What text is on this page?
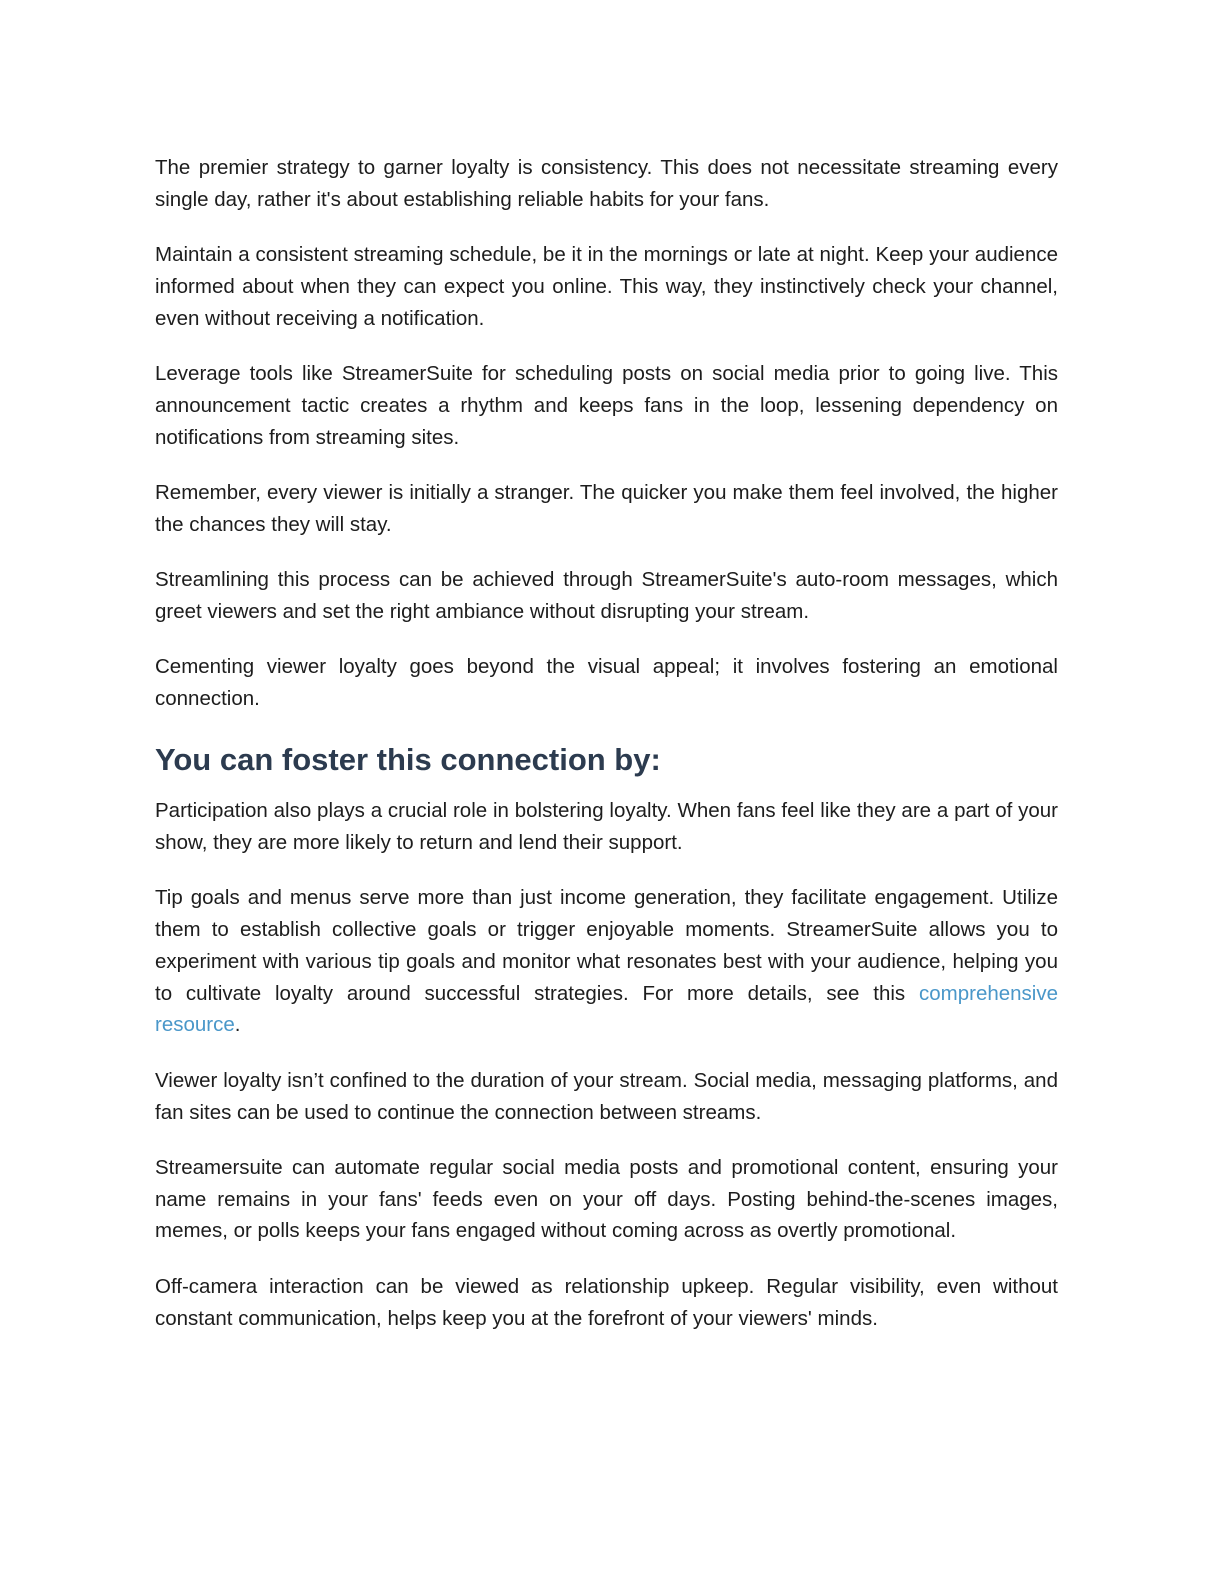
The premier strategy to garner loyalty is consistency. This does not necessitate streaming every single day, rather it's about establishing reliable habits for your fans.

Maintain a consistent streaming schedule, be it in the mornings or late at night. Keep your audience informed about when they can expect you online. This way, they instinctively check your channel, even without receiving a notification.

Leverage tools like StreamerSuite for scheduling posts on social media prior to going live. This announcement tactic creates a rhythm and keeps fans in the loop, lessening dependency on notifications from streaming sites.

Remember, every viewer is initially a stranger. The quicker you make them feel involved, the higher the chances they will stay.

Streamlining this process can be achieved through StreamerSuite's auto-room messages, which greet viewers and set the right ambiance without disrupting your stream.

Cementing viewer loyalty goes beyond the visual appeal; it involves fostering an emotional connection.

You can foster this connection by:

Participation also plays a crucial role in bolstering loyalty. When fans feel like they are a part of your show, they are more likely to return and lend their support.

Tip goals and menus serve more than just income generation, they facilitate engagement. Utilize them to establish collective goals or trigger enjoyable moments. StreamerSuite allows you to experiment with various tip goals and monitor what resonates best with your audience, helping you to cultivate loyalty around successful strategies. For more details, see this comprehensive resource.

Viewer loyalty isn’t confined to the duration of your stream. Social media, messaging platforms, and fan sites can be used to continue the connection between streams.

Streamersuite can automate regular social media posts and promotional content, ensuring your name remains in your fans' feeds even on your off days. Posting behind-the-scenes images, memes, or polls keeps your fans engaged without coming across as overtly promotional.

Off-camera interaction can be viewed as relationship upkeep. Regular visibility, even without constant communication, helps keep you at the forefront of your viewers' minds.
